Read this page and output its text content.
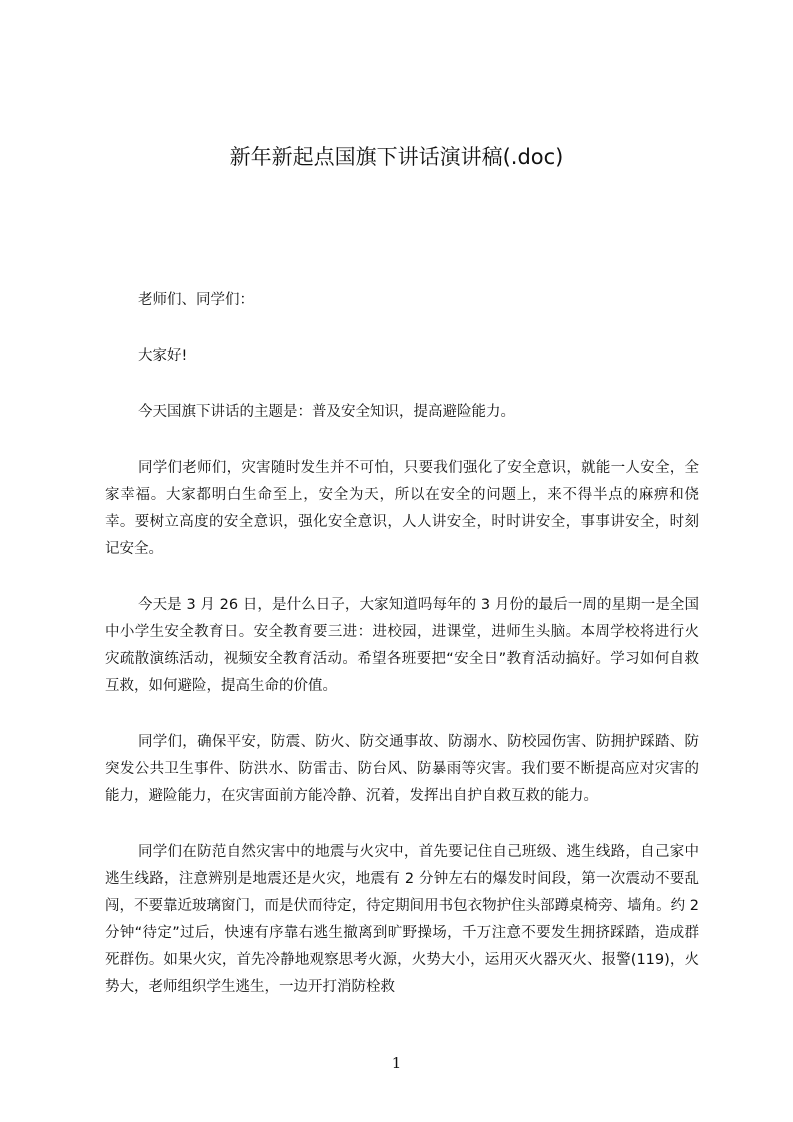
新年新起点国旗下讲话演讲稿(.doc)

老师们、同学们：

大家好!

今天国旗下讲话的主题是：普及安全知识，提高避险能力。

同学们老师们，灾害随时发生并不可怕，只要我们强化了安全意识，就能一人安全，全家幸福。大家都明白生命至上，安全为天，所以在安全的问题上，来不得半点的麻痹和侥幸。要树立高度的安全意识，强化安全意识，人人讲安全，时时讲安全，事事讲安全，时刻记安全。

今天是 3 月 26 日，是什么日子，大家知道吗每年的 3 月份的最后一周的星期一是全国中小学生安全教育日。安全教育要三进：进校园，进课堂，进师生头脑。本周学校将进行火灾疏散演练活动，视频安全教育活动。希望各班要把“安全日”教育活动搞好。学习如何自救互救，如何避险，提高生命的价值。

同学们，确保平安，防震、防火、防交通事故、防溺水、防校园伤害、防拥护踩踏、防突发公共卫生事件、防洪水、防雷击、防台风、防暴雨等灾害。我们要不断提高应对灾害的能力，避险能力，在灾害面前方能冷静、沉着，发挥出自护自救互救的能力。

同学们在防范自然灾害中的地震与火灾中，首先要记住自己班级、逃生线路，自己家中逃生线路，注意辨别是地震还是火灾，地震有 2 分钟左右的爆发时间段，第一次震动不要乱闯，不要靠近玻璃窗门，而是伏而待定，待定期间用书包衣物护住头部蹲桌椅旁、墙角。约 2 分钟“待定”过后，快速有序靠右逃生撤离到旷野操场，千万注意不要发生拥挤踩踏，造成群死群伤。如果火灾，首先冷静地观察思考火源，火势大小，运用灭火器灭火、报警(119)，火势大，老师组织学生逃生，一边开打消防栓救

1
